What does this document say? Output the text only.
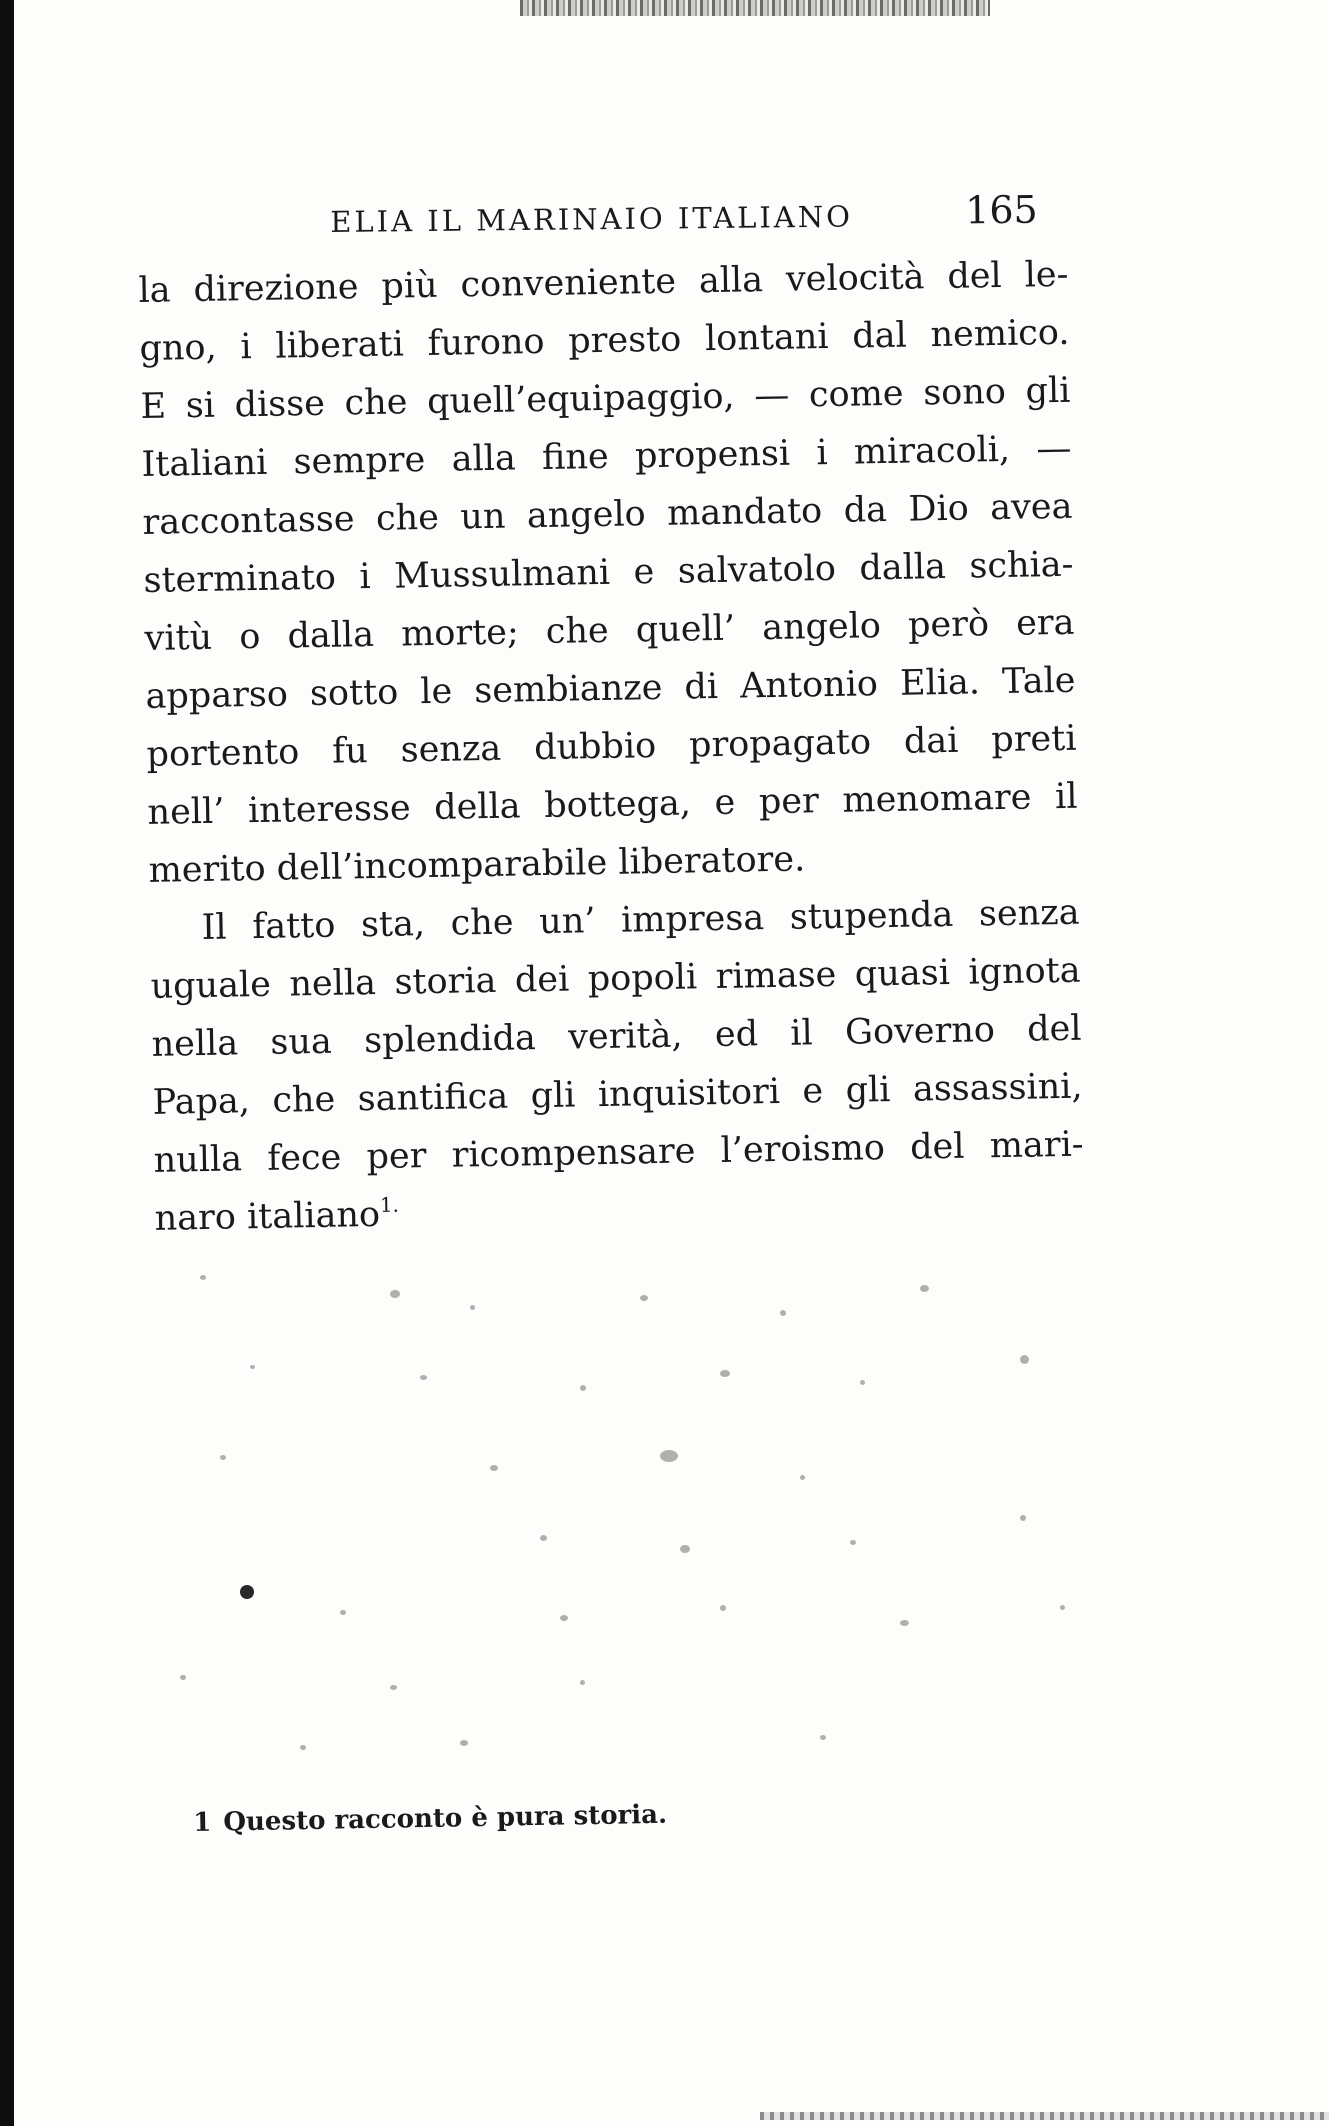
ELIA IL MARINAIO ITALIANO	165
la direzione più conveniente alla velocità del le-
gno, i liberati furono presto lontani dal nemico.
E si disse che quell’equipaggio, — come sono gli
Italiani sempre alla fine propensi i miracoli, —
raccontasse che un angelo mandato da Dio avea
sterminato i Mussulmani e salvatolo dalla schia-
vitù o dalla morte; che quell’ angelo però era
apparso sotto le sembianze di Antonio Elia. Tale
portento fu senza dubbio propagato dai preti
nell’ interesse della bottega, e per menomare il
merito dell’incomparabile liberatore.
Il fatto sta, che un’ impresa stupenda senza
uguale nella storia dei popoli rimase quasi ignota
nella sua splendida verità, ed il Governo del
Papa, che santifica gli inquisitori e gli assassini,
nulla fece per ricompensare l’eroismo del mari-
naro italiano$^{1.}$
1 Questo racconto è pura storia.
